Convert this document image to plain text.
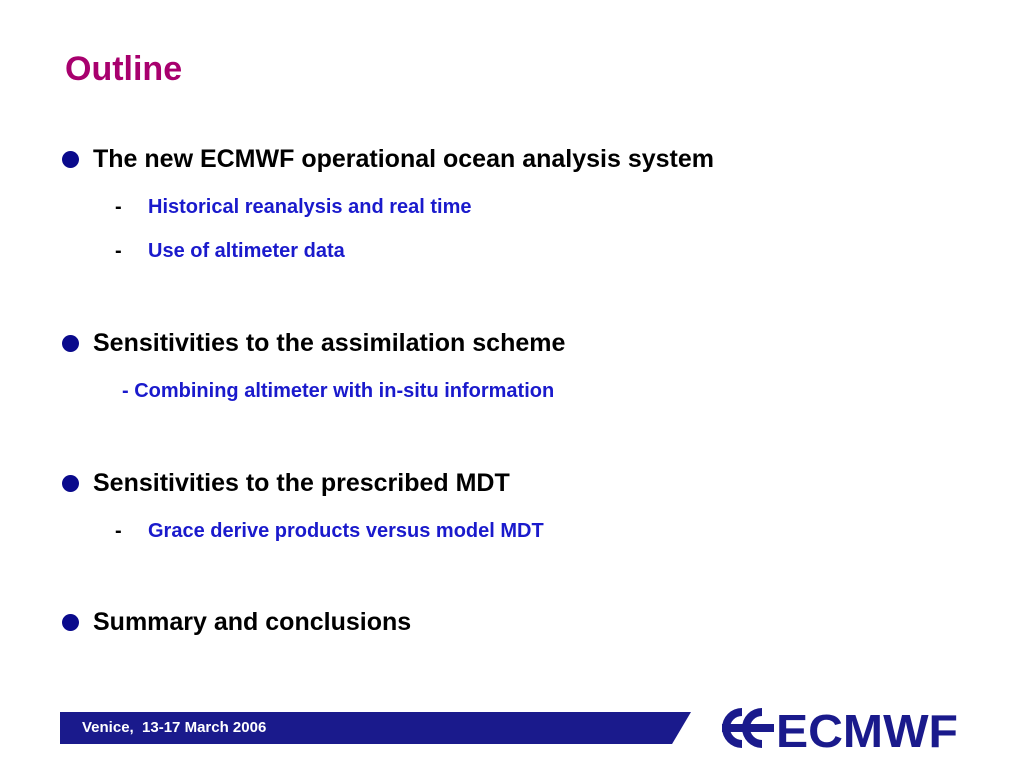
Outline
The new ECMWF operational ocean analysis system
-	Historical reanalysis and real time
-	Use of altimeter data
Sensitivities to the assimilation scheme
- Combining altimeter with in-situ information
Sensitivities to the prescribed MDT
-	Grace derive products versus model MDT
Summary and conclusions
Venice,  13-17 March 2006	ECMWF
